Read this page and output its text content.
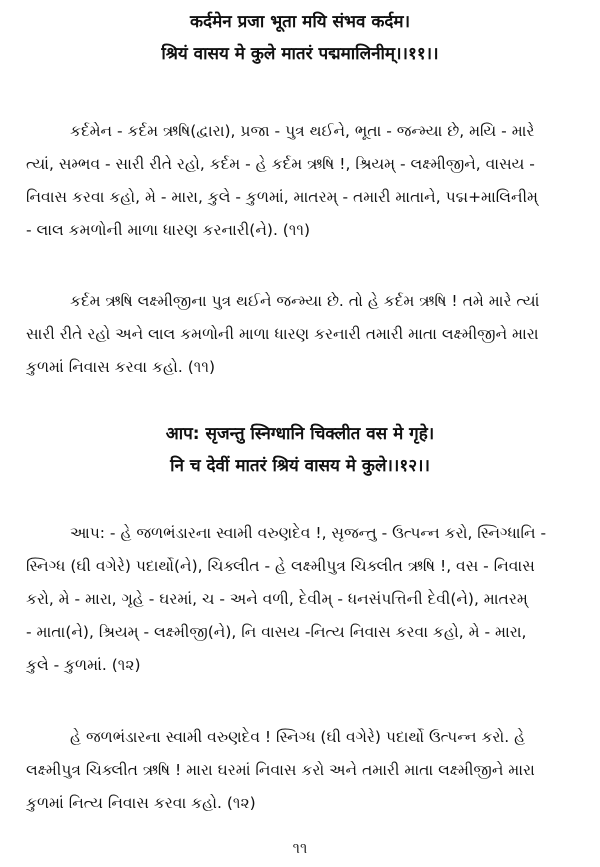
कर्दमेन प्रजा भूता मयि संभव कर्दम।
श्रियं वासय मे कुले मातरं पद्ममालिनीम्।।११।।
કર્દમેન - કર્દમ ઋષિ(દ્વારા), પ્રજા - પુત્ર થઈને, ભૂતા - જન્મ્યા છે, મયિ - મારે
ત્યાં, સમ્ભવ - સારી રીતે રહો, કર્દમ - હે કર્દમ ઋષિ !, શ્રિયમ્ - લક્ષ્મીજીને, વાસય -
નિવાસ કરવા કહો, મે - મારા, કુલે - કુળમાં, માતરમ્ - તમારી માતાને, પદ્મ+માલિનીમ્
- લાલ કમળોની માળા ધારણ કરનારી(ને). (૧૧)
કર્દમ ઋષિ લક્ષ્મીજીના પુત્ર થઈને જન્મ્યા છે. તો હે કર્દમ ઋષિ ! તમે મારે ત્યાં
સારી રીતે રહો અને લાલ કમળોની માળા ધારણ કરનારી તમારી માતા લક્ષ્મીજીને મારા
કુળમાં નિવાસ કરવા કહો. (૧૧)
आप: सृजन्तु स्निग्धानि चिक्लीत वस मे गृहे।
नि च देवीं मातरं श्रियं वासय मे कुले।।१२।।
આપ: - હે જળભંડારના સ્વામી વરુણદેવ !, સૃજન્તુ - ઉત્પન્ન કરો, સ્નિગ્ધાનિ -
સ્નિગ્ધ (ઘી વગેરે) પદાર્થો(ને), ચિક્લીત - હે લક્ષ્મીપુત્ર ચિક્લીત ઋષિ !, વસ - નિવાસ
કરો, મે - મારા, ગૃહે - ઘરમાં, ચ - અને વળી, દેવીમ્ - ધનસંપત્તિની દેવી(ને), માતરમ્
- માતા(ને), શ્રિયમ્ - લક્ષ્મીજી(ને), નિ વાસય -નિત્ય નિવાસ કરવા કહો, મે - મારા,
કુલે - કુળમાં. (૧૨)
હે જળભંડારના સ્વામી વરુણદેવ ! સ્નિગ્ધ (ઘી વગેરે) પદાર્થો ઉત્પન્ન કરો. હે
લક્ષ્મીપુત્ર ચિક્લીત ઋષિ ! મારા ઘરમાં નિવાસ કરો અને તમારી માતા લક્ષ્મીજીને મારા
કુળમાં નિત્ય નિવાસ કરવા કહો. (૧૨)
૧૧
